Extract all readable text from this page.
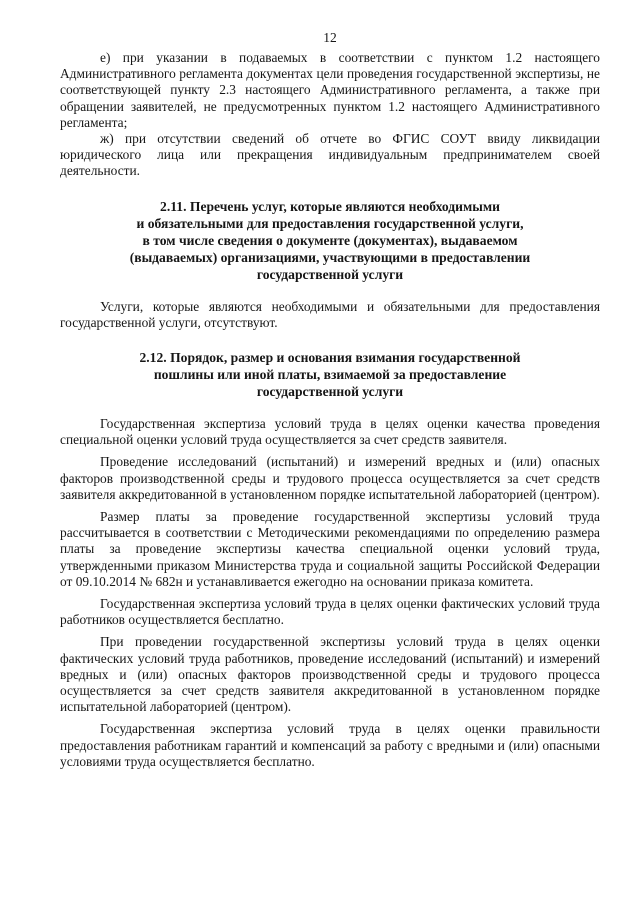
12

е) при указании в подаваемых в соответствии с пунктом 1.2 настоящего Административного регламента документах цели проведения государственной экспертизы, не соответствующей пункту 2.3 настоящего Административного регламента, а также при обращении заявителей, не предусмотренных пунктом 1.2 настоящего Административного регламента;

ж) при отсутствии сведений об отчете во ФГИС СОУТ ввиду ликвидации юридического лица или прекращения индивидуальным предпринимателем своей деятельности.

2.11. Перечень услуг, которые являются необходимыми
и обязательными для предоставления государственной услуги,
в том числе сведения о документе (документах), выдаваемом
(выдаваемых) организациями, участвующими в предоставлении
государственной услуги

Услуги, которые являются необходимыми и обязательными для предоставления государственной услуги, отсутствуют.

2.12. Порядок, размер и основания взимания государственной
пошлины или иной платы, взимаемой за предоставление
государственной услуги

Государственная экспертиза условий труда в целях оценки качества проведения специальной оценки условий труда осуществляется за счет средств заявителя.

Проведение исследований (испытаний) и измерений вредных и (или) опасных факторов производственной среды и трудового процесса осуществляется за счет средств заявителя аккредитованной в установленном порядке испытательной лабораторией (центром).

Размер платы за проведение государственной экспертизы условий труда рассчитывается в соответствии с Методическими рекомендациями по определению размера платы за проведение экспертизы качества специальной оценки условий труда, утвержденными приказом Министерства труда и социальной защиты Российской Федерации от 09.10.2014 № 682н и устанавливается ежегодно на основании приказа комитета.

Государственная экспертиза условий труда в целях оценки фактических условий труда работников осуществляется бесплатно.

При проведении государственной экспертизы условий труда в целях оценки фактических условий труда работников, проведение исследований (испытаний) и измерений вредных и (или) опасных факторов производственной среды и трудового процесса осуществляется за счет средств заявителя аккредитованной в установленном порядке испытательной лабораторией (центром).

Государственная экспертиза условий труда в целях оценки правильности предоставления работникам гарантий и компенсаций за работу с вредными и (или) опасными условиями труда осуществляется бесплатно.
